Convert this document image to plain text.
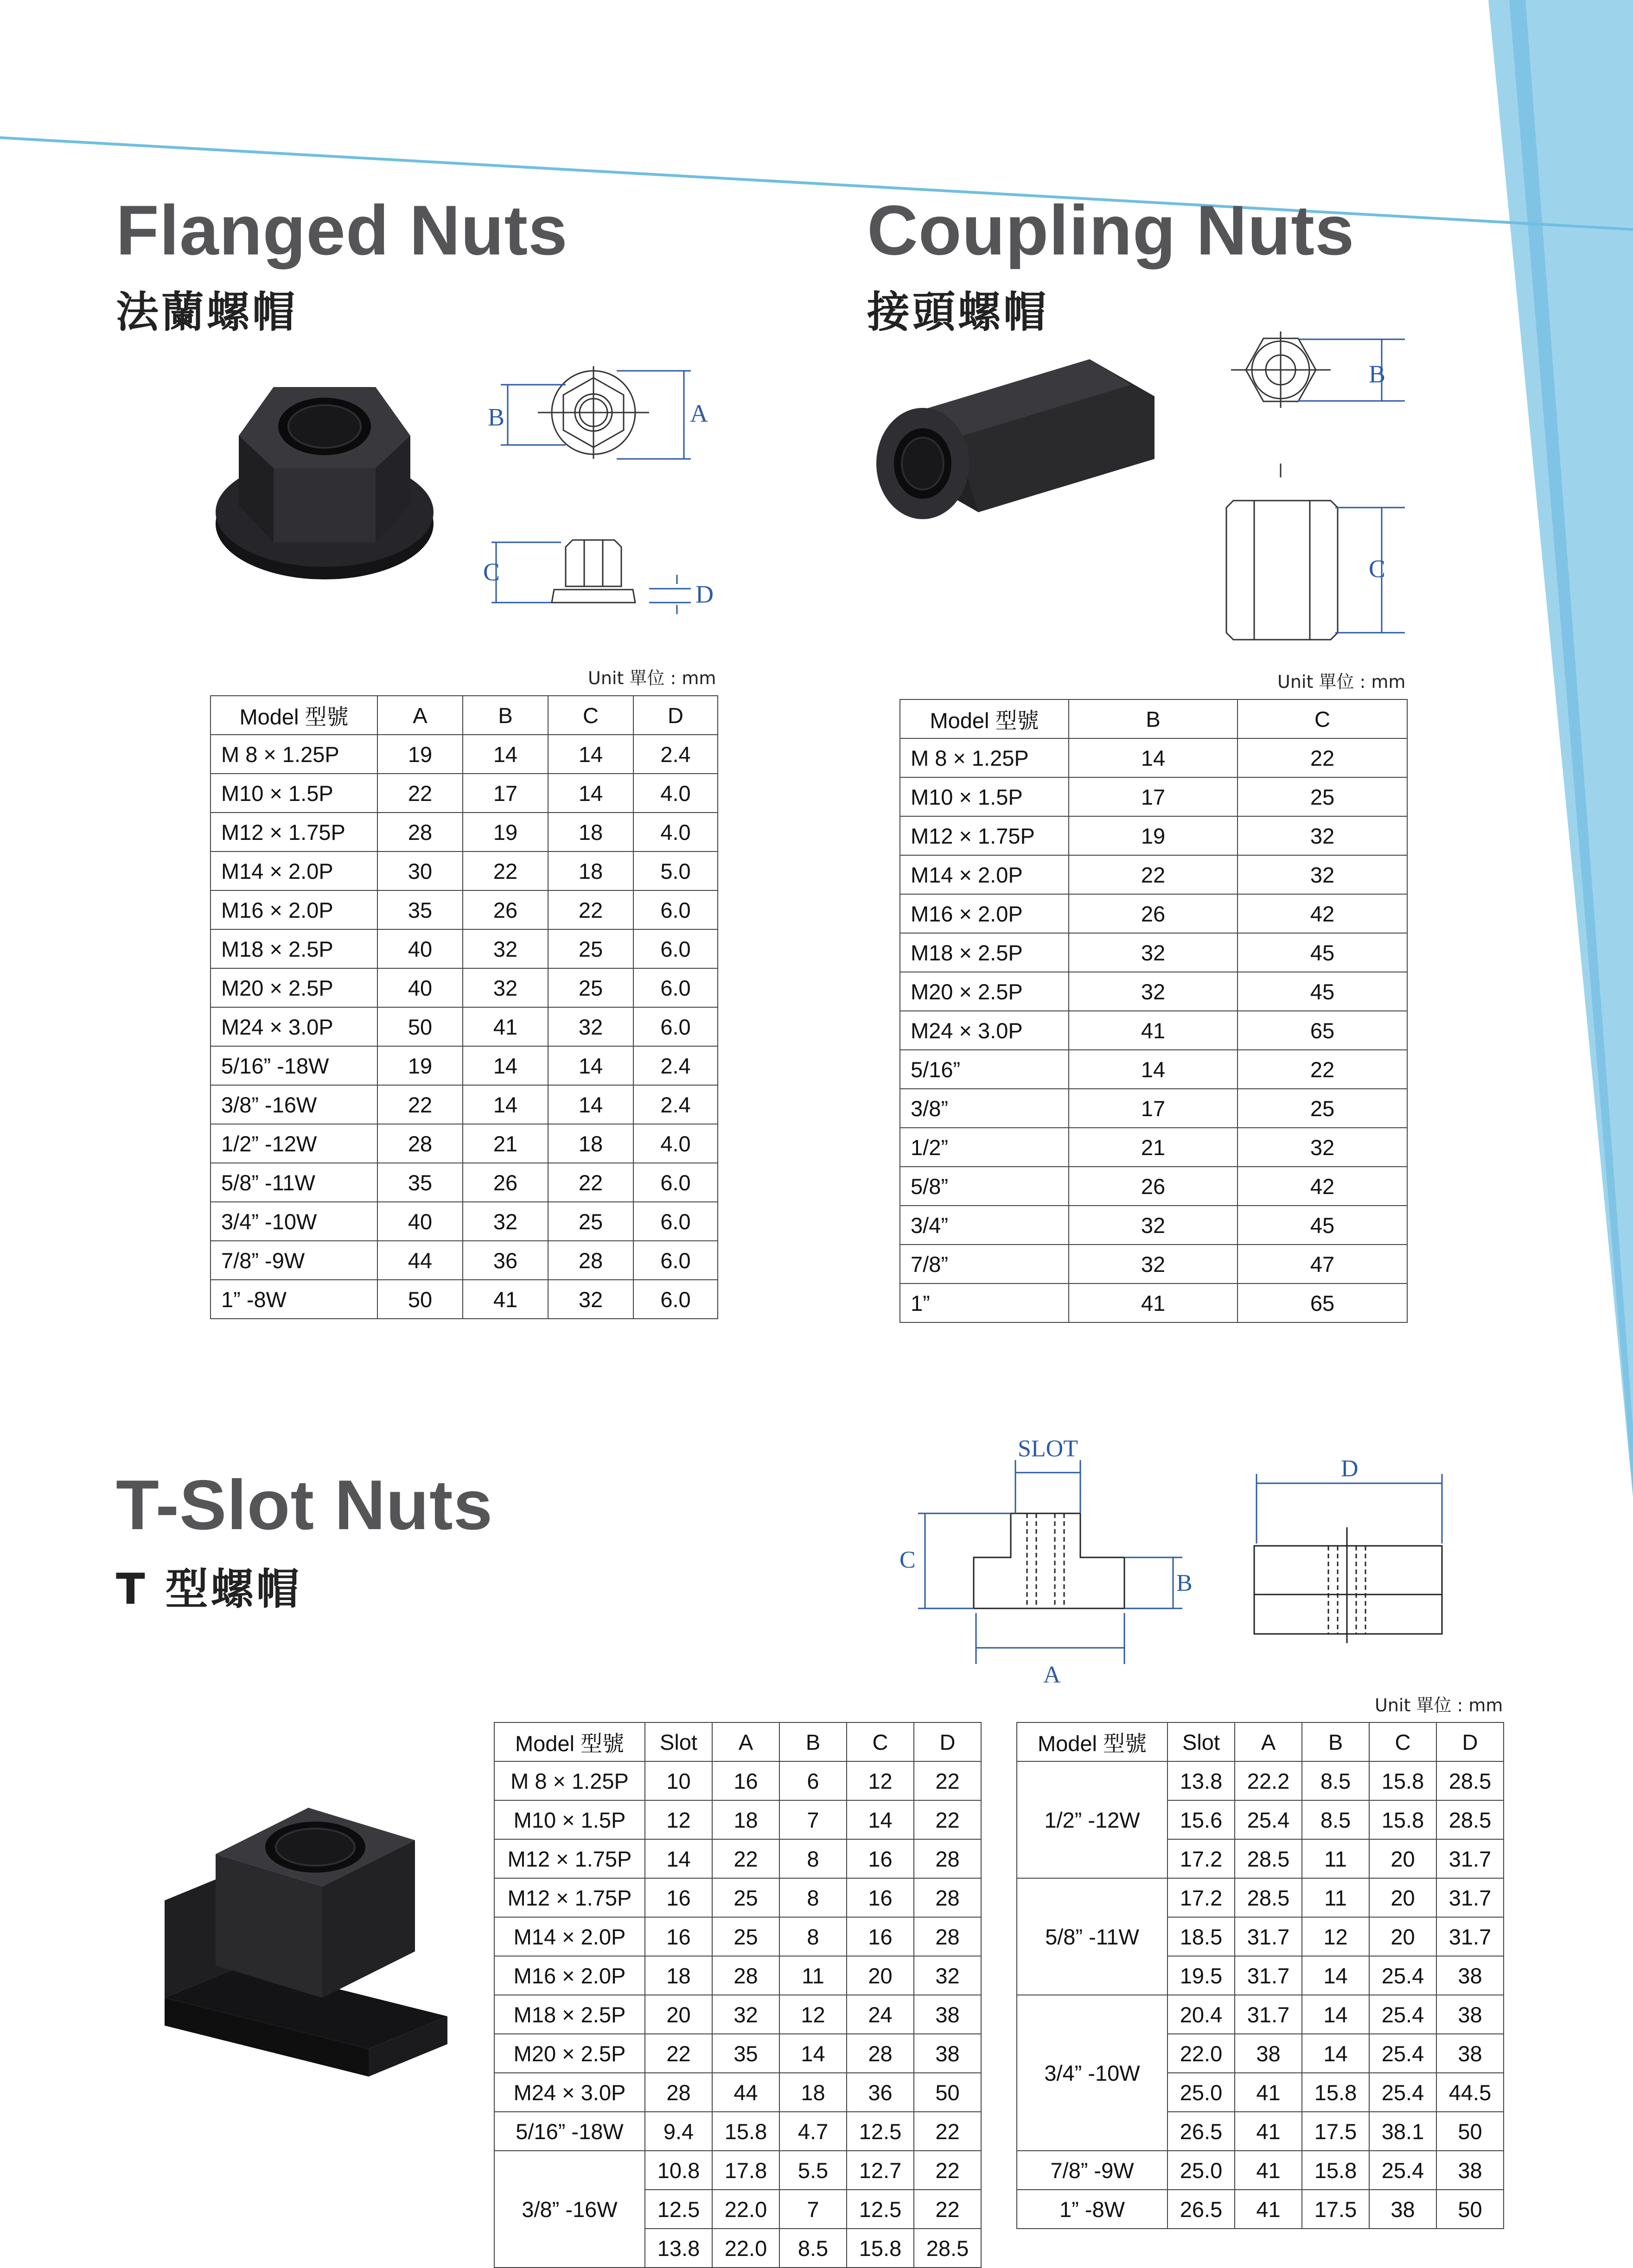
Flanged Nuts
法蘭螺帽
B	A
C
D
Unit 單位 : mm
Model 型號	A	B	C	D
M 8 × 1.25P	19	14	14	2.4
M10 × 1.5P	22	17	14	4.0
M12 × 1.75P	28	19	18	4.0
M14 × 2.0P	30	22	18	5.0
M16 × 2.0P	35	26	22	6.0
M18 × 2.5P	40	32	25	6.0
M20 × 2.5P	40	32	25	6.0
M24 × 3.0P	50	41	32	6.0
5/16” -18W	19	14	14	2.4
3/8” -16W	22	14	14	2.4
1/2” -12W	28	21	18	4.0
5/8” -11W	35	26	22	6.0
3/4” -10W	40	32	25	6.0
7/8” -9W	44	36	28	6.0
1” -8W	50	41	32	6.0
Coupling Nuts
接頭螺帽
B
C
Unit 單位 : mm
Model 型號	B	C
M 8 × 1.25P	14	22
M10 × 1.5P	17	25
M12 × 1.75P	19	32
M14 × 2.0P	22	32
M16 × 2.0P	26	42
M18 × 2.5P	32	45
M20 × 2.5P	32	45
M24 × 3.0P	41	65
5/16”	14	22
3/8”	17	25
1/2”	21	32
5/8”	26	42
3/4”	32	45
7/8”	32	47
1”	41	65
T-Slot Nuts
T 型螺帽
SLOT
C
B
A
D
Unit 單位 : mm
Model 型號	Slot	A	B	C	D
M 8 × 1.25P	10	16	6	12	22
M10 × 1.5P	12	18	7	14	22
M12 × 1.75P	14	22	8	16	28
M12 × 1.75P	16	25	8	16	28
M14 × 2.0P	16	25	8	16	28
M16 × 2.0P	18	28	11	20	32
M18 × 2.5P	20	32	12	24	38
M20 × 2.5P	22	35	14	28	38
M24 × 3.0P	28	44	18	36	50
5/16” -18W	9.4	15.8	4.7	12.5	22
3/8” -16W	10.8	17.8	5.5	12.7	22
	12.5	22.0	7	12.5	22
	13.8	22.0	8.5	15.8	28.5
Model 型號	Slot	A	B	C	D
1/2” -12W	13.8	22.2	8.5	15.8	28.5
	15.6	25.4	8.5	15.8	28.5
	17.2	28.5	11	20	31.7
5/8” -11W	17.2	28.5	11	20	31.7
	18.5	31.7	12	20	31.7
	19.5	31.7	14	25.4	38
3/4” -10W	20.4	31.7	14	25.4	38
	22.0	38	14	25.4	38
	25.0	41	15.8	25.4	44.5
	26.5	41	17.5	38.1	50
7/8” -9W	25.0	41	15.8	25.4	38
1” -8W	26.5	41	17.5	38	50
